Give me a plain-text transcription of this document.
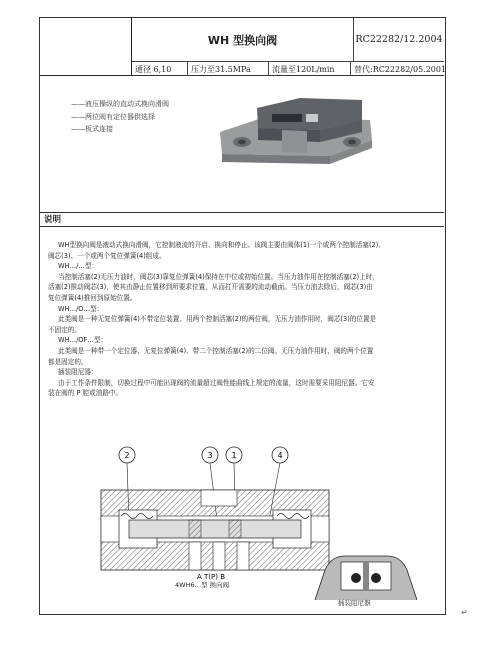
WH 型换向阀	RC22282/12.2004
通径 6,10	压力至31.5MPa	流量至120L/min	替代:RC22282/05.2001
——液压操纵的直动式换向滑阀
——两位阀有定位器供选择
——板式连接
说明

WH型换向阀是液动式换向滑阀，它控制液流的开启、换向和停止。该阀主要由阀体(1)一个或两个控制活塞(2)、

阀芯(3)、一个或两个复位弹簧(4)组成。

WH…/…型：

当控制活塞(2)无压力油时，阀芯(3)靠复位弹簧(4)保持在中位或初始位置。当压力油作用在控制活塞(2)上时，

活塞(2)推动阀芯(3)，使其由静止位置移到所要求位置，从而打开需要的流动截面。当压力油去除后，阀芯(3)由

复位弹簧(4)推回到原始位置。

WH…/O…型：

此类阀是一种无复位弹簧(4)不带定位装置、用两个控制活塞(2)的两位阀，无压力油作用时，阀芯(3)的位置是

不固定的。

WH…/OF…型：

此类阀是一种带一个定位器、无复位弹簧(4)、带二个控制活塞(2)的二位阀。无压力油作用时，阀的两个位置

都是固定的。

插装阻尼器：

由于工作条件限制，切换过程中可能出现阀的流量超过阀性能曲线上规定的流量，这时需要采用阻尼器。它安

装在阀的 P 腔或油路中。

2	3 1	4
A T(P) B
4WH6…型 换向阀
插装阻尼器
↵
